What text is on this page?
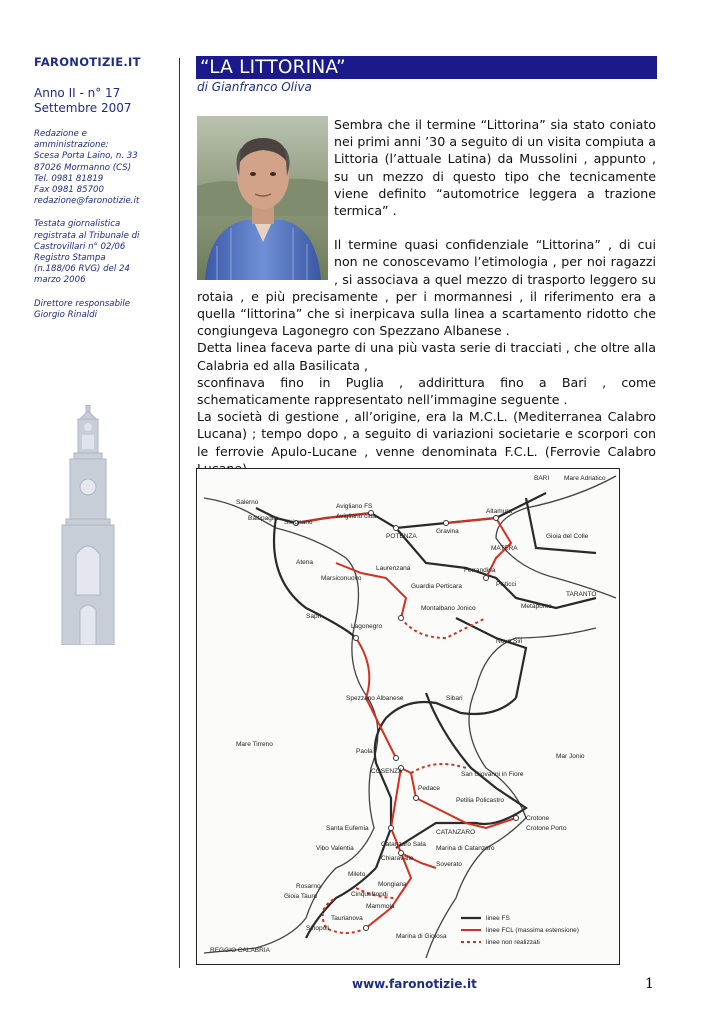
FARONOTIZIE.IT
Anno II - n° 17
Settembre 2007
Redazione e
amministrazione:
Scesa Porta Laino, n. 33
87026 Mormanno (CS)
Tel. 0981 81819
Fax 0981 85700
redazione@faronotizie.it
Testata giornalistica
registrata al Tribunale di
Castrovillari n° 02/06
Registro Stampa
(n.188/06 RVG) del 24
marzo 2006
Direttore responsabile
Giorgio Rinaldi
“LA LITTORINA”
di Gianfranco Oliva

Sembra che il termine “Littorina” sia stato coniato nei primi anni ’30 a seguito di un visita compiuta a Littoria (l’attuale Latina) da Mussolini , appunto , su un mezzo di questo tipo che tecnicamente viene definito “automotrice leggera a trazione termica” .

Il termine quasi confidenziale “Littorina” , di cui non ne conoscevamo l’etimologia , per noi ragazzi , si associava a quel mezzo di trasporto leggero su rotaia , e più precisamente , per i mormannesi , il riferimento era a quella “littorina” che si inerpicava sulla linea a scartamento ridotto che congiungeva Lagonegro con Spezzano Albanese .

Detta linea faceva parte di una più vasta serie di tracciati , che oltre alla Calabria ed alla Basilicata ,

sconfinava fino in Puglia , addirittura fino a Bari , come schematicamente rappresentato nell’immagine seguente .

La società di gestione , all’origine, era la M.C.L. (Mediterranea Calabro Lucana) ; tempo dopo , a seguito di variazioni societarie e scorpori con le ferrovie Apulo-Lucane , venne denominata F.C.L. (Ferrovie Calabro

BARI Mare Adriatico
Salerno
Battipaglia
Sicignano
Avigliano FS
Avigliano città
POTENZA
Gravina
Altamura
Gioia del Colle
MATERA
Ferrandina
Atena
Laurenzana
Marsiconuovo
Guardia Perticara	Pisticci
TARANTO
Metaponto
Montalbano Jonico
Sapri
Lagonegro
Nova Siri
Spezzano Albanese	Sibari
Mare Tirreno
Paola
Mar Jonio
COSENZA	San Giovanni in Fiore
Pedace
Petilia Policastro
Crotone
Crotone Porto
Santa Eufemia
CATANZARO
Vibo Valentia
Catanzaro Sala
Marina di Catanzaro
Chiaravalle
Soverato
Mileto
Mongiana
Rosarno
Gioia Tauro	Cinquefrondi
Mammola
Taurianova
Sinopoli
Marina di Gioiosa
REGGIO CALABRIA
linee FS
linee FCL (massima estensione)
linee non realizzati
www.faronotizie.it	1
